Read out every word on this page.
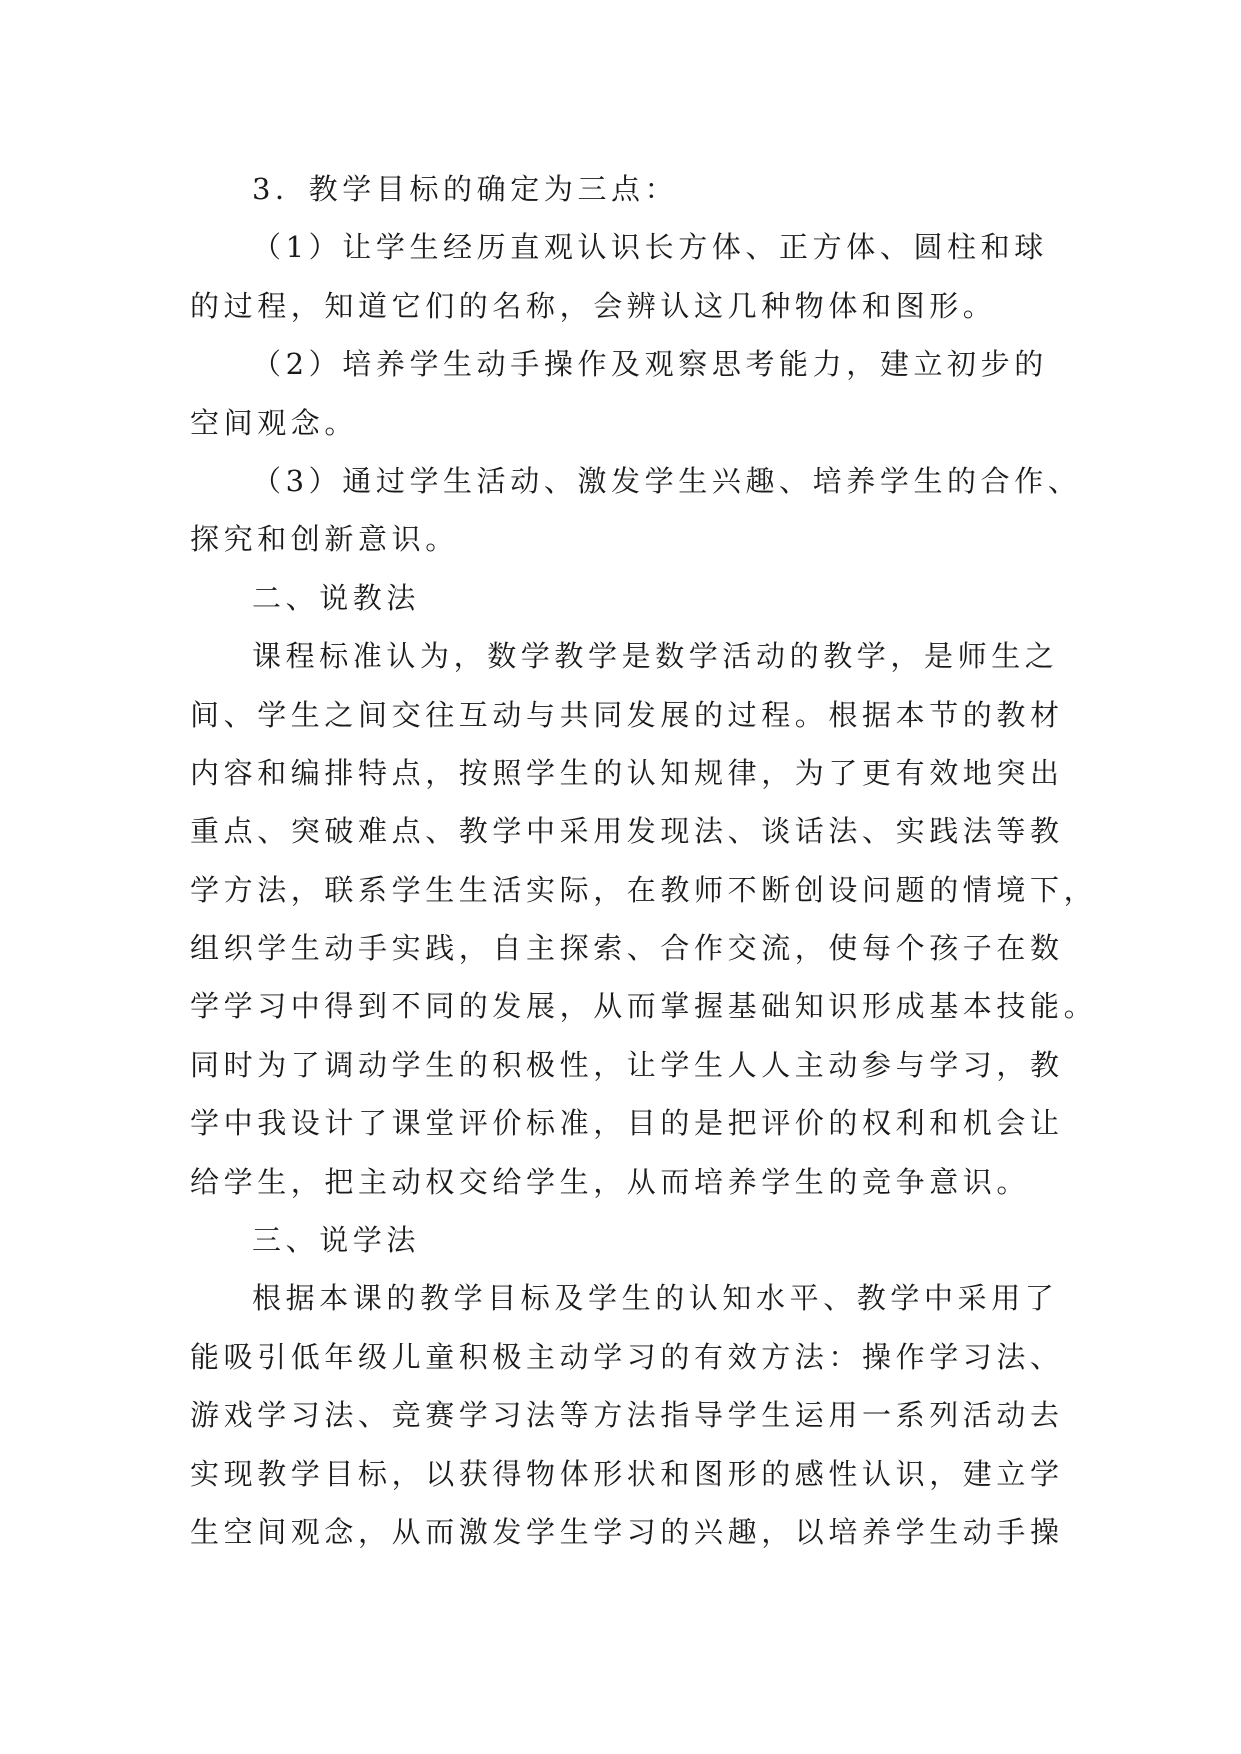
3．教学目标的确定为三点：
（1）让学生经历直观认识长方体、正方体、圆柱和球
的过程，知道它们的名称，会辨认这几种物体和图形。
（2）培养学生动手操作及观察思考能力，建立初步的
空间观念。
（3）通过学生活动、激发学生兴趣、培养学生的合作、
探究和创新意识。
二、说教法
课程标准认为，数学教学是数学活动的教学，是师生之
间、学生之间交往互动与共同发展的过程。根据本节的教材
内容和编排特点，按照学生的认知规律，为了更有效地突出
重点、突破难点、教学中采用发现法、谈话法、实践法等教
学方法，联系学生生活实际，在教师不断创设问题的情境下，
组织学生动手实践，自主探索、合作交流，使每个孩子在数
学学习中得到不同的发展，从而掌握基础知识形成基本技能。
同时为了调动学生的积极性，让学生人人主动参与学习，教
学中我设计了课堂评价标准，目的是把评价的权利和机会让
给学生，把主动权交给学生，从而培养学生的竞争意识。
三、说学法
根据本课的教学目标及学生的认知水平、教学中采用了
能吸引低年级儿童积极主动学习的有效方法：操作学习法、
游戏学习法、竞赛学习法等方法指导学生运用一系列活动去
实现教学目标，以获得物体形状和图形的感性认识，建立学
生空间观念，从而激发学生学习的兴趣，以培养学生动手操
